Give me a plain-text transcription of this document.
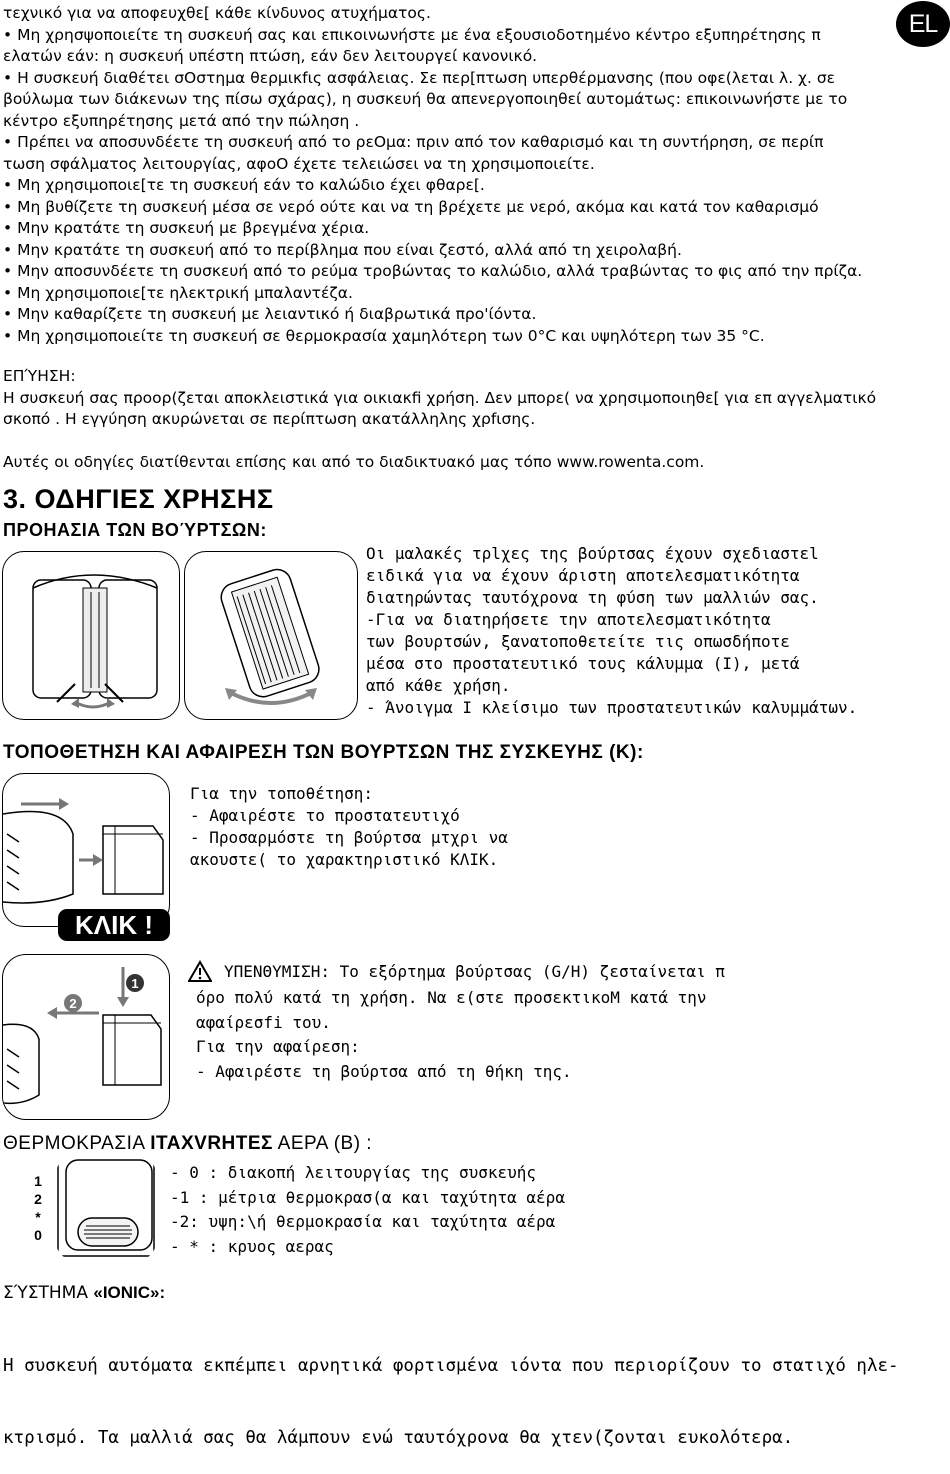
EL

τεχνικό για να αποφευχθε[ κάθε κίνδυνος ατυχήματος.

• Μη χρησψοποιείτε τη συσκευή σας και επικοινωνήστε με ένα εξουσιοδοτημένο κέντρο εξυπηρέτησης π

ελατών εάν: η συσκευή υπέστη πτώση, εάν δεν λειτουργεί κανονικό.

• Η συσκευή διαθέτει σΟστημα θερμικfις ασφάλειας. Σε περ[πτωση υπερθέρμανσης (που οφε(λεται λ. χ. σε

βούλωμα των διάκενων της πίσω σχάρας), η συσκευή θα απενεργοποιηθεί αυτομάτως: επικοινωνήστε με το

κέντρο εξυπηρέτησης μετά από την πώληση .

• Πρέπει να αποσυνδέετε τη συσκευή από το ρεOμα: πριν από τον καθαρισμό και τη συντήρηση, σε περίπ

τωση σφάλματος λειτουργίας, αφοO έχετε τελειώσει να τη χρησιμοποιείτε.

• Μη χρησιμοποιε[τε τη συσκευή εάν το καλώδιο έχει φθαρε[.

• Μη βυθίζετε τη συσκευή μέσα σε νερό ούτε και να τη βρέχετε με νερό, ακόμα και κατά τον καθαρισμό

• Μην κρατάτε τη συσκευή με βρεγμένα χέρια.

• Μην κρατάτε τη συσκευή από το περίβλημα που είναι ζεστό, αλλά από τη χειρολαβή.

• Μην αποσυνδέετε τη συσκευή από το ρεύμα τροβώντας το καλώδιο, αλλά τραβώντας το φις από την πρίζα.

• Μη χρησιμοποιε[τε ηλεκτρική μπαλαντέζα.

• Μην καθαρίζετε τη συσκευή με λειαντικό ή διαβρωτικά προ'ίόντα.

• Μη χρησιμοποιείτε τη συσκευή σε θερμοκρασία χαμηλότερη των 0°C και υψηλότερη των 35 °C.

ΕΠΎΗΣΗ:

Η συσκευή σας προορ(ζεται αποκλειστικά για οικιακfi χρήση. Δεν μπορε( να χρησιμοποιηθε[ για επ αγγελματικό

σκοπό . Η εγγύηση ακυρώνεται σε περίπτωση ακατάλληλης χρfισης.

Αυτές οι οδηγίες διατίθενται επίσης και από το διαδικτυακό μας τόπο www.rowenta.com.

3. ΟΔΗΓΙΕΣ ΧΡΗΣΗΣ
ΠΡΟΗΑΣΙΑ ΤΩΝ ΒΟΎΡΤΣΩΝ:

Οι μαλακές τρlχες της βούρτσας έχουν σχεδιαστεl

ειδικά για να έχουν άριστη αποτελεσματικότητα

διατηρώντας ταυτόχρονα τη φύση των μαλλιών σας.

-Για να διατηρήσετε την αποτελεσματικότητα

των βουρτσών, ξανατοποθετείτε τις οπωσδήποτε

μέσα στο προστατευτικό τους κάλυμμα (I), μετά

από κάθε χρήση.

- Άνοιγμα I κλείσιμο των προστατευτικών καλυμμάτων.

ΤΟΠΟΘΕΤΗΣΗ ΚΑΙ ΑΦΑΙΡΕΣΗ ΤΩΝ ΒΟΥΡΤΣΩΝ ΤΗΣ ΣΥΣΚΕΥΗΣ (Κ):
ΚΛΙΚ !

Για την τοποθέτηση:

- Αφαιρέστε το προστατευτιχό

- Προσαρμόστε τη βούρτσα μτχρι να

ακουστε( το χαρακτηριστικό ΚΛΙΚ.

1
2

ΥΠΕΝΘΥΜΙΣΗ: Το εξόρτημα βούρτσας (G/H) ζεσταίνεται π

όρο πολύ κατά τη χρήση. Να ε(στε προσεκτικοΜ κατά την

αφαίρεσfi του.

Για την αφαίρεση:

- Αφαιρέστε τη βούρτσα από τη θήκη της.

ΘΕΡΜΟΚΡΑΣΙΑ ΙΤΑΧVRHTEΣ ΑΕΡΑ (B) :
1
2
*
0

- 0 : διακοπή λειτουργίας της συσκευής

-1 : μέτρια θερμοκρασ(α και ταχύτητα αέρα

-2: υψη:\ή θερμοκρασία και ταχύτητα αέρα

- * : κρυος αερας

ΣΎΣΤΗΜΑ «IONIC»:

Η συσκευή αυτόματα εκπέμπει αρνητικά φορτισμένα ιόντα που περιορίζουν το στατιχό ηλε-

κτρισμό. Τα μαλλιά σας θα λάμπουν ενώ ταυτόχρονα θα χτεν(ζονται ευκολότερα.
